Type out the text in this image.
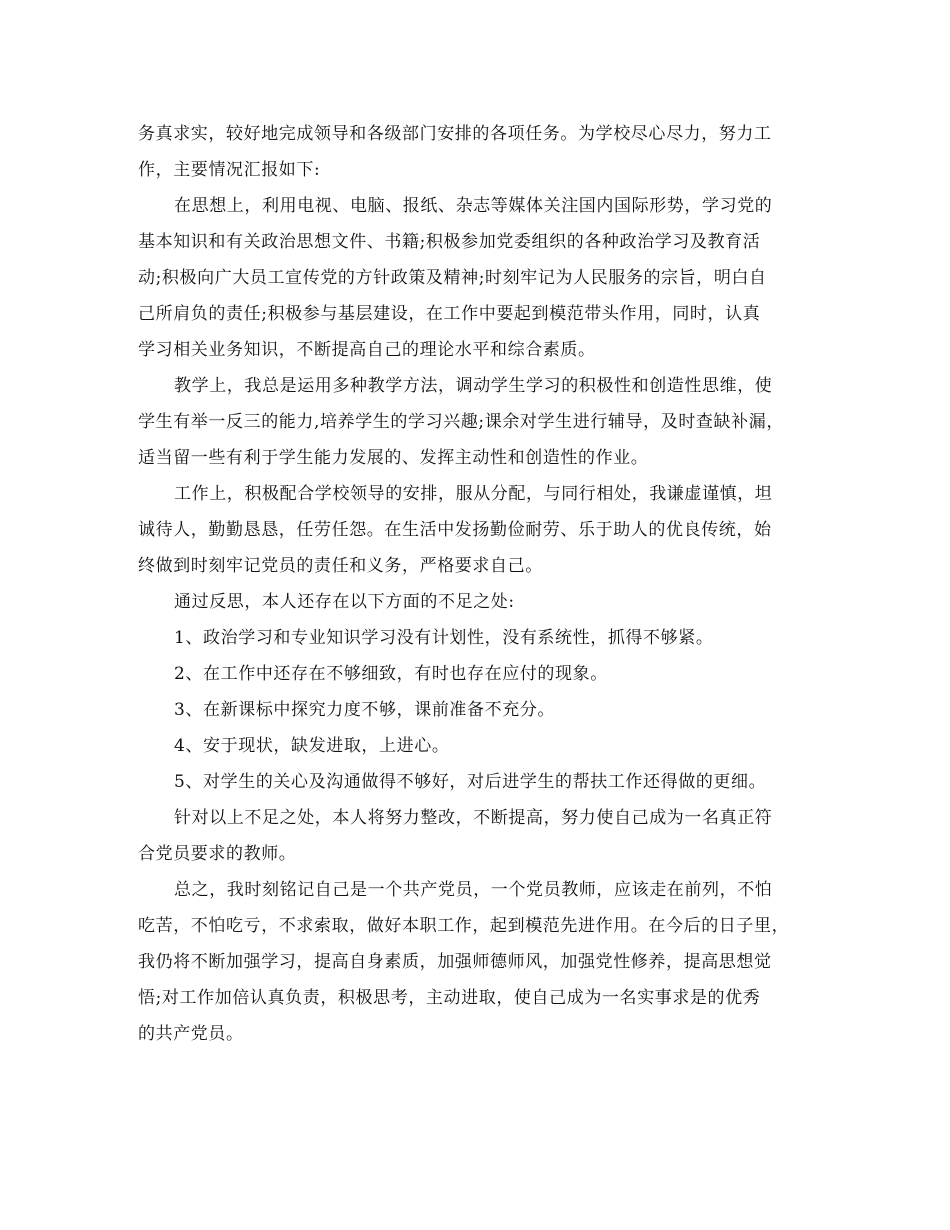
务真求实，较好地完成领导和各级部门安排的各项任务。为学校尽心尽力，努力工
作，主要情况汇报如下:
在思想上，利用电视、电脑、报纸、杂志等媒体关注国内国际形势，学习党的
基本知识和有关政治思想文件、书籍;积极参加党委组织的各种政治学习及教育活
动;积极向广大员工宣传党的方针政策及精神;时刻牢记为人民服务的宗旨，明白自
己所肩负的责任;积极参与基层建设，在工作中要起到模范带头作用，同时，认真
学习相关业务知识，不断提高自己的理论水平和综合素质。
教学上，我总是运用多种教学方法，调动学生学习的积极性和创造性思维，使
学生有举一反三的能力,培养学生的学习兴趣;课余对学生进行辅导，及时查缺补漏，
适当留一些有利于学生能力发展的、发挥主动性和创造性的作业。
工作上，积极配合学校领导的安排，服从分配，与同行相处，我谦虚谨慎，坦
诚待人，勤勤恳恳，任劳任怨。在生活中发扬勤俭耐劳、乐于助人的优良传统，始
终做到时刻牢记党员的责任和义务，严格要求自己。
通过反思，本人还存在以下方面的不足之处:
1、政治学习和专业知识学习没有计划性，没有系统性，抓得不够紧。
2、在工作中还存在不够细致，有时也存在应付的现象。
3、在新课标中探究力度不够，课前准备不充分。
4、安于现状，缺发进取，上进心。
5、对学生的关心及沟通做得不够好，对后进学生的帮扶工作还得做的更细。
针对以上不足之处，本人将努力整改，不断提高，努力使自己成为一名真正符
合党员要求的教师。
总之，我时刻铭记自己是一个共产党员，一个党员教师，应该走在前列，不怕
吃苦，不怕吃亏，不求索取，做好本职工作，起到模范先进作用。在今后的日子里，
我仍将不断加强学习，提高自身素质，加强师德师风，加强党性修养，提高思想觉
悟;对工作加倍认真负责，积极思考，主动进取，使自己成为一名实事求是的优秀
的共产党员。
